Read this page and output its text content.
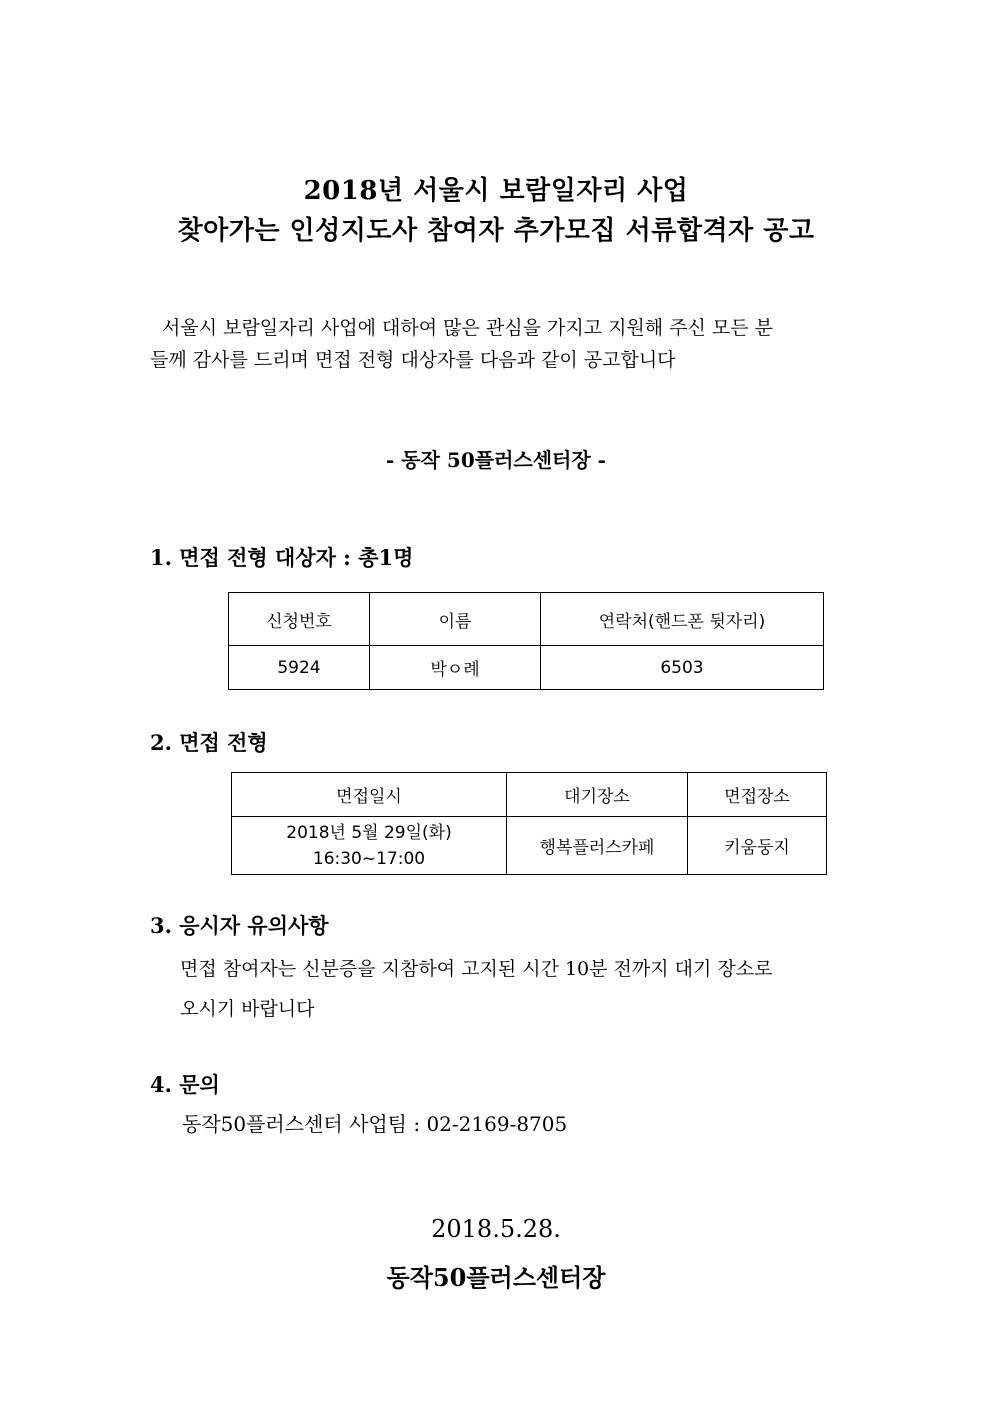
2018년 서울시 보람일자리 사업
찾아가는 인성지도사 참여자 추가모집 서류합격자 공고
서울시 보람일자리 사업에 대하여 많은 관심을 가지고 지원해 주신 모든 분
들께 감사를 드리며 면접 전형 대상자를 다음과 같이 공고합니다
- 동작 50플러스센터장 -
1. 면접 전형 대상자 : 총1명
신청번호	이름	연락처(핸드폰 뒷자리)
5924	박ㅇ례	6503
2. 면접 전형
면접일시	대기장소	면접장소

2018년 5월 29일(화)
16:30~17:00	행복플러스카페	키움둥지
3. 응시자 유의사항
면접 참여자는 신분증을 지참하여 고지된 시간 10분 전까지 대기 장소로
오시기 바랍니다
4. 문의
동작50플러스센터 사업팀 : 02-2169-8705
2018.5.28.
동작50플러스센터장
